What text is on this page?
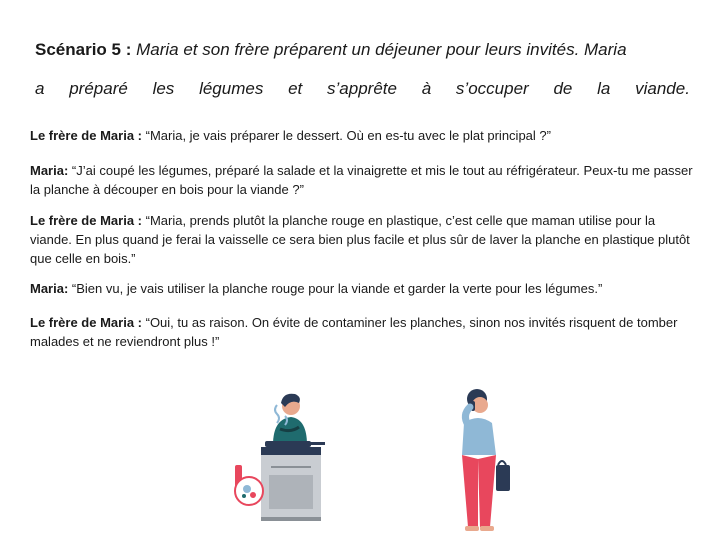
Scénario 5 : Maria et son frère préparent un déjeuner pour leurs invités. Maria
a préparé les légumes et s’apprête à s’occuper de la viande.
Le frère de Maria : “Maria, je vais préparer le dessert. Où en es-tu avec le plat principal ?”
Maria: “J’ai coupé les légumes, préparé la salade et la vinaigrette et mis le tout au réfrigérateur. Peux-tu me passer la planche à découper en bois pour la viande ?”
Le frère de Maria : “Maria, prends plutôt la planche rouge en plastique, c’est celle que maman utilise pour la viande. En plus quand je ferai la vaisselle ce sera bien plus facile et plus sûr de laver la planche en plastique plutôt que celle en bois.”
Maria: “Bien vu, je vais utiliser la planche rouge pour la viande et garder la verte pour les légumes.”
Le frère de Maria : “Oui, tu as raison. On évite de contaminer les planches, sinon nos invités risquent de tomber malades et ne reviendront plus !”
